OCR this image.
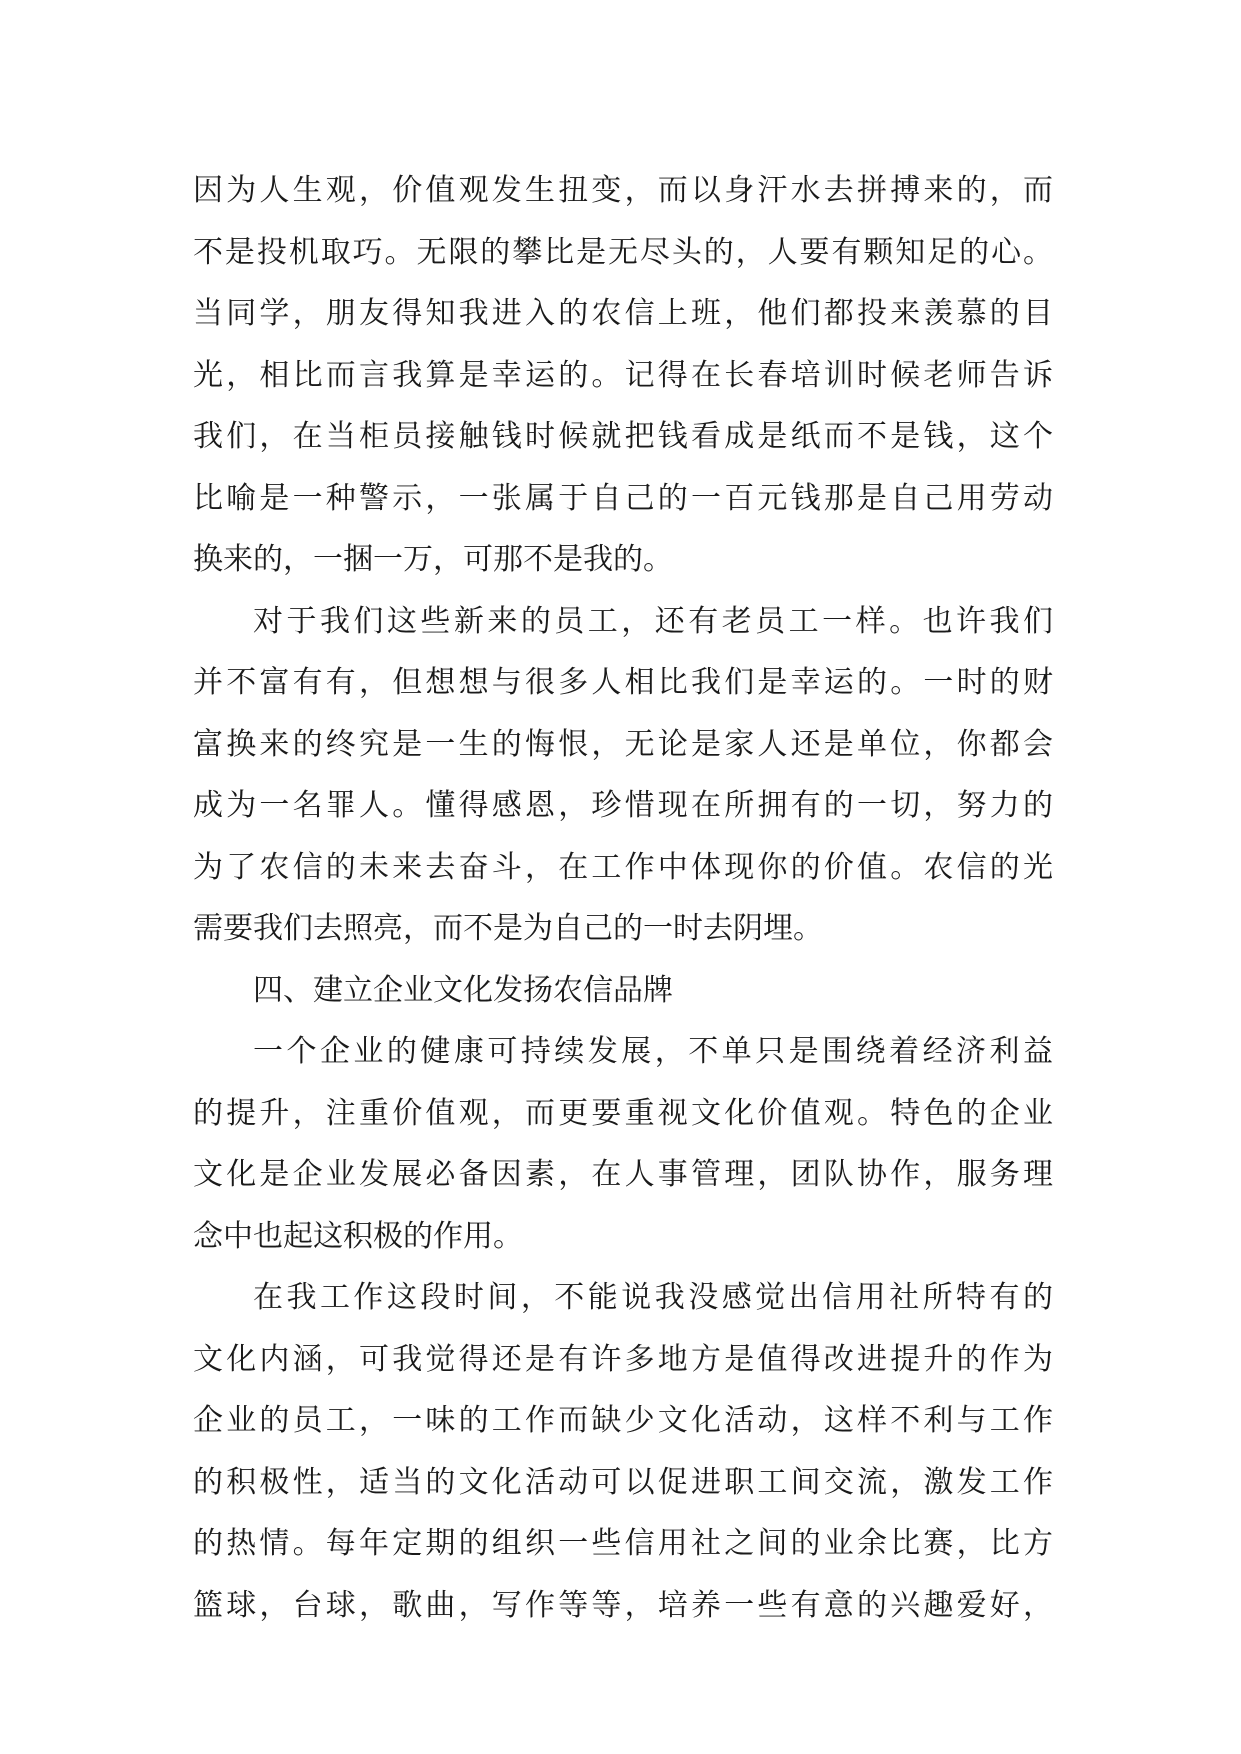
因为人生观，价值观发生扭变，而以身汗水去拼搏来的，而
不是投机取巧。无限的攀比是无尽头的，人要有颗知足的心。
当同学，朋友得知我进入的农信上班，他们都投来羡慕的目
光，相比而言我算是幸运的。记得在长春培训时候老师告诉
我们，在当柜员接触钱时候就把钱看成是纸而不是钱，这个
比喻是一种警示，一张属于自己的一百元钱那是自己用劳动
换来的，一捆一万，可那不是我的。
对于我们这些新来的员工，还有老员工一样。也许我们
并不富有有，但想想与很多人相比我们是幸运的。一时的财
富换来的终究是一生的悔恨，无论是家人还是单位，你都会
成为一名罪人。懂得感恩，珍惜现在所拥有的一切，努力的
为了农信的未来去奋斗，在工作中体现你的价值。农信的光
需要我们去照亮，而不是为自己的一时去阴埋。
四、建立企业文化发扬农信品牌
一个企业的健康可持续发展，不单只是围绕着经济利益
的提升，注重价值观，而更要重视文化价值观。特色的企业
文化是企业发展必备因素，在人事管理，团队协作，服务理
念中也起这积极的作用。
在我工作这段时间，不能说我没感觉出信用社所特有的
文化内涵，可我觉得还是有许多地方是值得改进提升的作为
企业的员工，一味的工作而缺少文化活动，这样不利与工作
的积极性，适当的文化活动可以促进职工间交流，激发工作
的热情。每年定期的组织一些信用社之间的业余比赛，比方
篮球，台球，歌曲，写作等等，培养一些有意的兴趣爱好，
